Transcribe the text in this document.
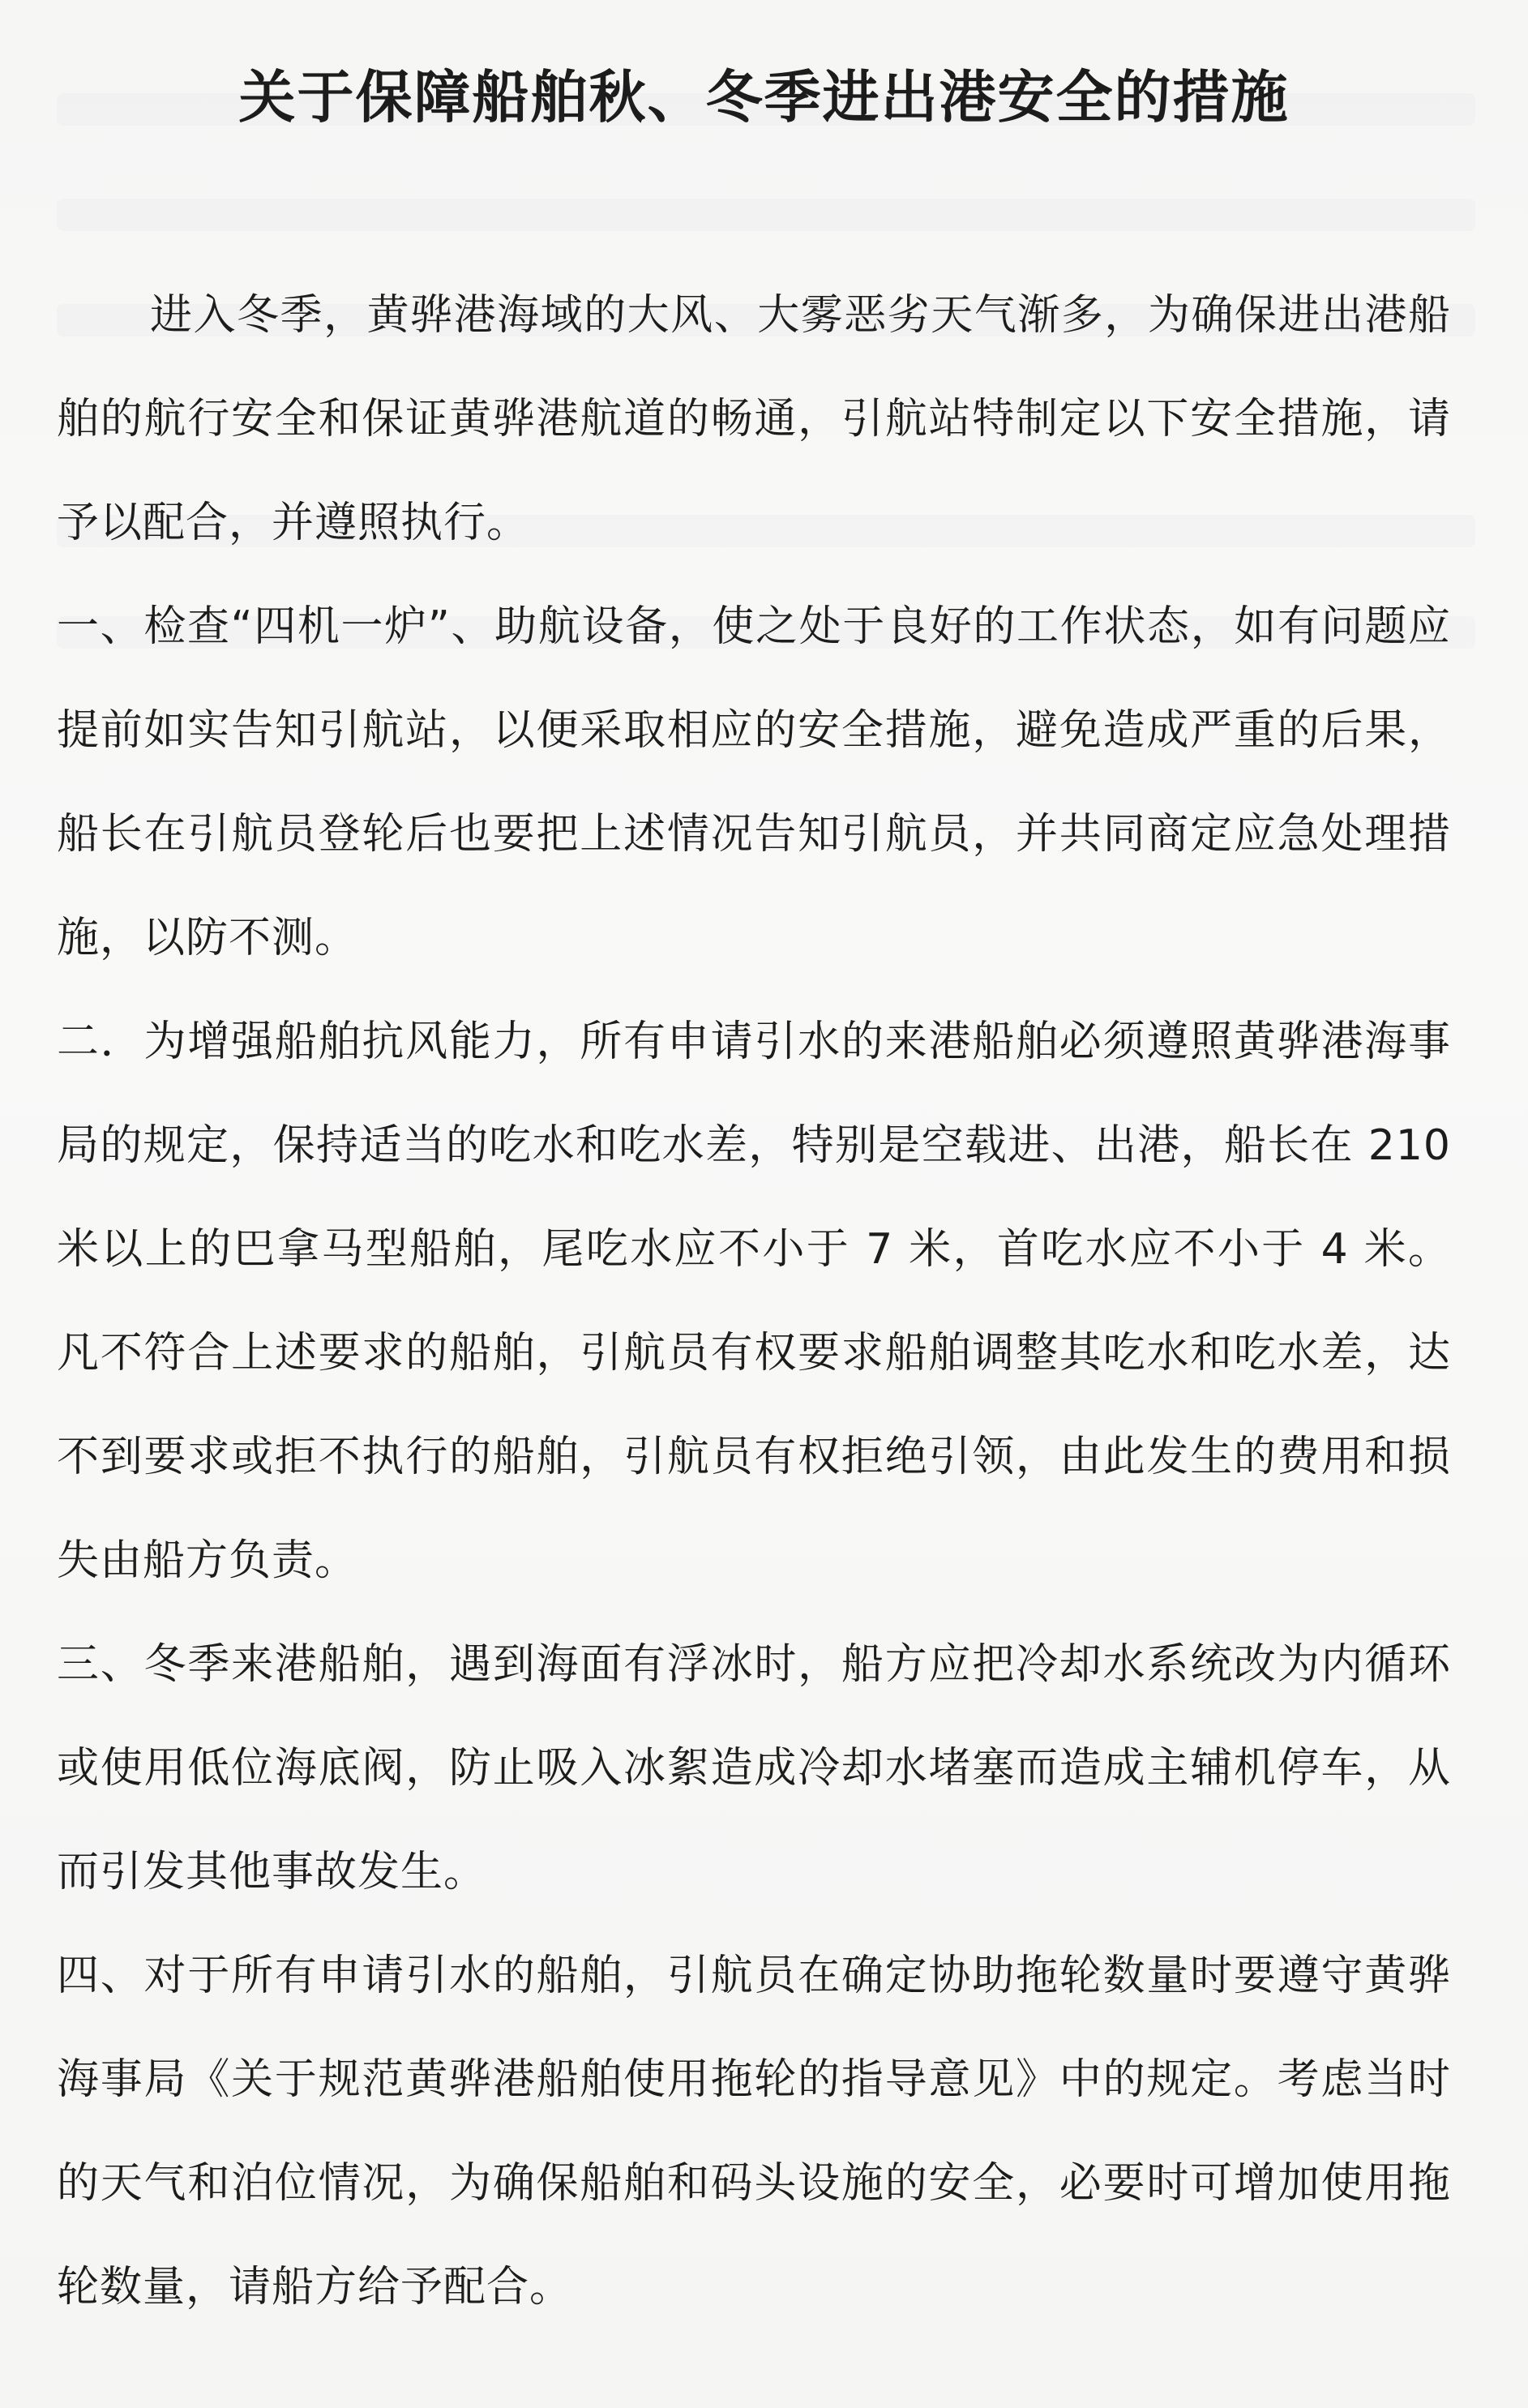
关于保障船舶秋、冬季进出港安全的措施

进入冬季，黄骅港海域的大风、大雾恶劣天气渐多，为确保进出港船舶的航行安全和保证黄骅港航道的畅通，引航站特制定以下安全措施，请予以配合，并遵照执行。

一、检查“四机一炉”、助航设备，使之处于良好的工作状态，如有问题应提前如实告知引航站，以便采取相应的安全措施，避免造成严重的后果，船长在引航员登轮后也要把上述情况告知引航员，并共同商定应急处理措施，以防不测。

二．为增强船舶抗风能力，所有申请引水的来港船舶必须遵照黄骅港海事局的规定，保持适当的吃水和吃水差，特别是空载进、出港，船长在 210 米以上的巴拿马型船舶，尾吃水应不小于 7 米，首吃水应不小于 4 米。凡不符合上述要求的船舶，引航员有权要求船舶调整其吃水和吃水差，达不到要求或拒不执行的船舶，引航员有权拒绝引领，由此发生的费用和损失由船方负责。

三、冬季来港船舶，遇到海面有浮冰时，船方应把冷却水系统改为内循环或使用低位海底阀，防止吸入冰絮造成冷却水堵塞而造成主辅机停车，从而引发其他事故发生。

四、对于所有申请引水的船舶，引航员在确定协助拖轮数量时要遵守黄骅海事局《关于规范黄骅港船舶使用拖轮的指导意见》中的规定。考虑当时的天气和泊位情况，为确保船舶和码头设施的安全，必要时可增加使用拖轮数量，请船方给予配合。
